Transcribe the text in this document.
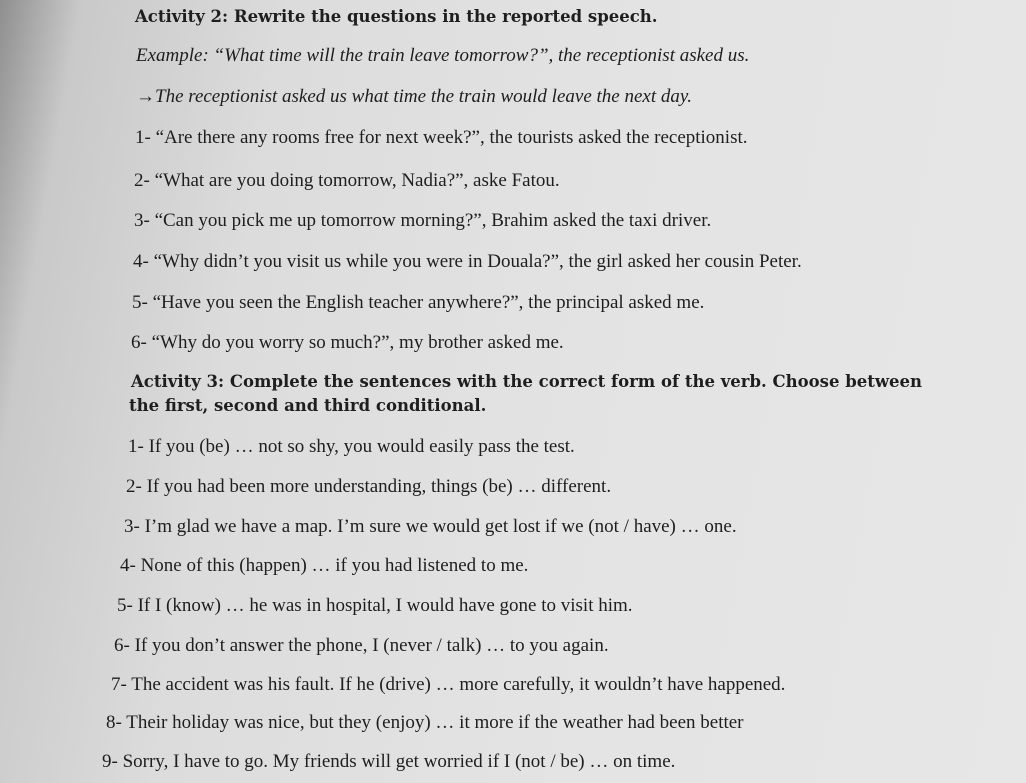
Activity 2: Rewrite the questions in the reported speech.
Example: “What time will the train leave tomorrow?”, the receptionist asked us.
→The receptionist asked us what time the train would leave the next day.
1- “Are there any rooms free for next week?”, the tourists asked the receptionist.
2- “What are you doing tomorrow, Nadia?”, aske Fatou.
3- “Can you pick me up tomorrow morning?”, Brahim asked the taxi driver.
4- “Why didn’t you visit us while you were in Douala?”, the girl asked her cousin Peter.
5- “Have you seen the English teacher anywhere?”, the principal asked me.
6- “Why do you worry so much?”, my brother asked me.
Activity 3: Complete the sentences with the correct form of the verb. Choose between
the first, second and third conditional.
1- If you (be) … not so shy, you would easily pass the test.
2- If you had been more understanding, things (be) … different.
3- I’m glad we have a map. I’m sure we would get lost if we (not / have) … one.
4- None of this (happen) … if you had listened to me.
5- If I (know) … he was in hospital, I would have gone to visit him.
6- If you don’t answer the phone, I (never / talk) … to you again.
7- The accident was his fault. If he (drive) … more carefully, it wouldn’t have happened.
8- Their holiday was nice, but they (enjoy) … it more if the weather had been better
9- Sorry, I have to go. My friends will get worried if I (not / be) … on time.
